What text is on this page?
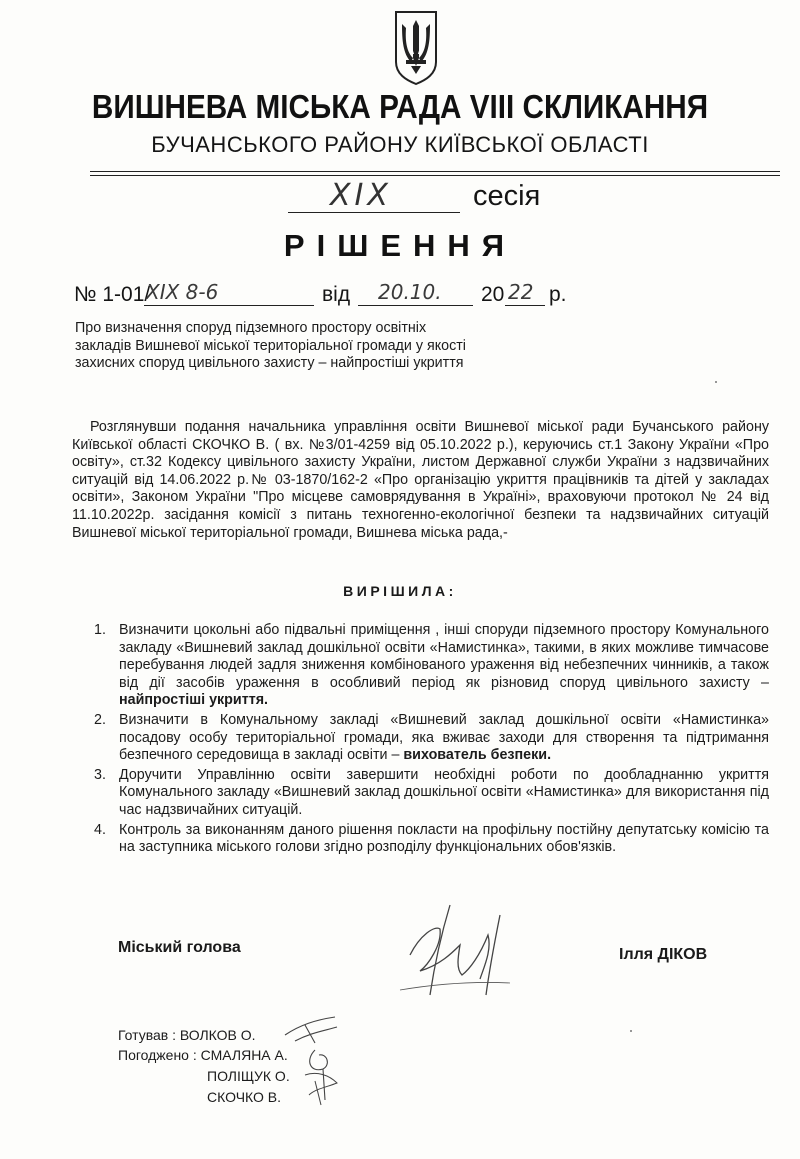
ВИШНЕВА МІСЬКА РАДА VIII СКЛИКАННЯ
БУЧАНСЬКОГО РАЙОНУ КИЇВСЬКОЇ ОБЛАСТІ
XIX	сесія
РІШЕННЯ
№ 1-01/
XIX 8-6	від 20.10. 20 22 р.
Про визначення споруд підземного простору освітніх закладів Вишневої міської територіальної громади у якості захисних споруд цивільного захисту – найпростіші укриття
Розглянувши подання начальника управління освіти Вишневої міської ради Бучанського району Київської області СКОЧКО В. ( вх. №3/01-4259 від 05.10.2022 р.), керуючись ст.1 Закону України «Про освіту», ст.32 Кодексу цивільного захисту України, листом Державної служби України з надзвичайних ситуацій від 14.06.2022 р.№ 03-1870/162-2 «Про організацію укриття працівників та дітей у закладах освіти», Законом України "Про місцеве самоврядування в Україні», враховуючи протокол № 24 від 11.10.2022р. засідання комісії з питань техногенно-екологічної безпеки та надзвичайних ситуацій Вишневої міської територіальної громади, Вишнева міська рада,-
ВИРІШИЛА:
1. Визначити цокольні або підвальні приміщення , інші споруди підземного простору Комунального закладу «Вишневий заклад дошкільної освіти «Намистинка», такими, в яких можливе тимчасове перебування людей задля зниження комбінованого ураження від небезпечних чинників, а також від дії засобів ураження в особливий період як різновид споруд цивільного захисту – найпростіші укриття.
2. Визначити в Комунальному закладі «Вишневий заклад дошкільної освіти «Намистинка» посадову особу територіальної громади, яка вживає заходи для створення та підтримання безпечного середовища в закладі освіти – вихователь безпеки.
3. Доручити Управлінню освіти завершити необхідні роботи по дообладнанню укриття Комунального закладу «Вишневий заклад дошкільної освіти «Намистинка» для використання під час надзвичайних ситуацій.
4. Контроль за виконанням даного рішення покласти на профільну постійну депутатську комісію та на заступника міського голови згідно розподілу функціональних обов'язків.
Міський голова	Ілля ДІКОВ
Готував : ВОЛКОВ О.
Погоджено : СМАЛЯНА А.
ПОЛІЩУК О.
СКОЧКО В.
